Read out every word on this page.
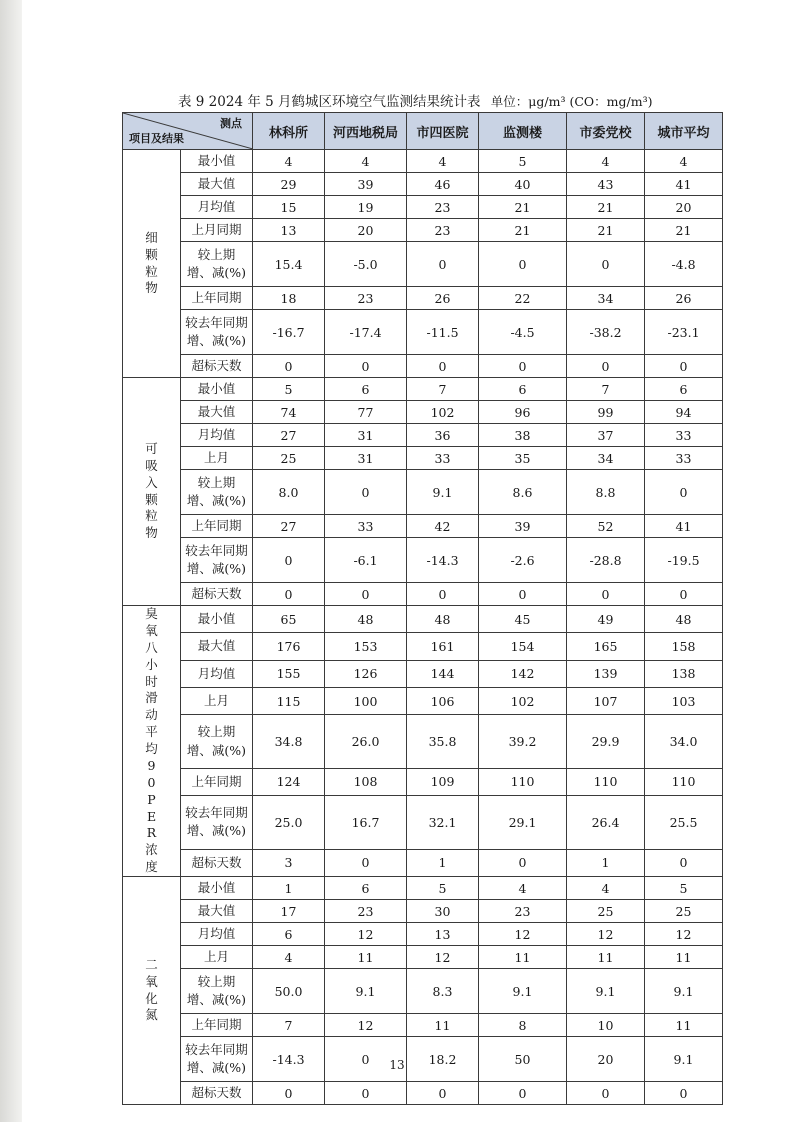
表 9 2024 年 5 月鹤城区环境空气监测结果统计表 单位：μg/m³ (CO：mg/m³)
测点
项目及结果		林科所	河西地税局	市四医院	监测楼	市委党校	城市平均
细颗粒物	最小值	4	4	4	5	4	4
	最大值	29	39	46	40	43	41
	月均值	15	19	23	21	21	20
	上月同期	13	20	23	21	21	21
	较上期
增、减(%)	15.4	-5.0	0	0	0	-4.8
	上年同期	18	23	26	22	34	26
	较去年同期
增、减(%)	-16.7	-17.4	-11.5	-4.5	-38.2	-23.1
	超标天数	0	0	0	0	0	0
可吸入颗粒物	最小值	5	6	7	6	7	6
	最大值	74	77	102	96	99	94
	月均值	27	31	36	38	37	33
	上月	25	31	33	35	34	33
	较上期
增、减(%)	8.0	0	9.1	8.6	8.8	0
	上年同期	27	33	42	39	52	41
	较去年同期
增、减(%)	0	-6.1	-14.3	-2.6	-28.8	-19.5
	超标天数	0	0	0	0	0	0
臭氧八小时滑动平均90PER浓度	最小值	65	48	48	45	49	48
	最大值	176	153	161	154	165	158
	月均值	155	126	144	142	139	138
	上月	115	100	106	102	107	103
	较上期
增、减(%)	34.8	26.0	35.8	39.2	29.9	34.0
	上年同期	124	108	109	110	110	110
	较去年同期
增、减(%)	25.0	16.7	32.1	29.1	26.4	25.5
	超标天数	3	0	1	0	1	0
二氧化氮	最小值	1	6	5	4	4	5
	最大值	17	23	30	23	25	25
	月均值	6	12	13	12	12	12
	上月	4	11	12	11	11	11
	较上期
增、减(%)	50.0	9.1	8.3	9.1	9.1	9.1
	上年同期	7	12	11	8	10	11
	较去年同期
增、减(%)	-14.3	0	18.2	50	20	9.1
	超标天数	0	0	0	0	0	0
13
